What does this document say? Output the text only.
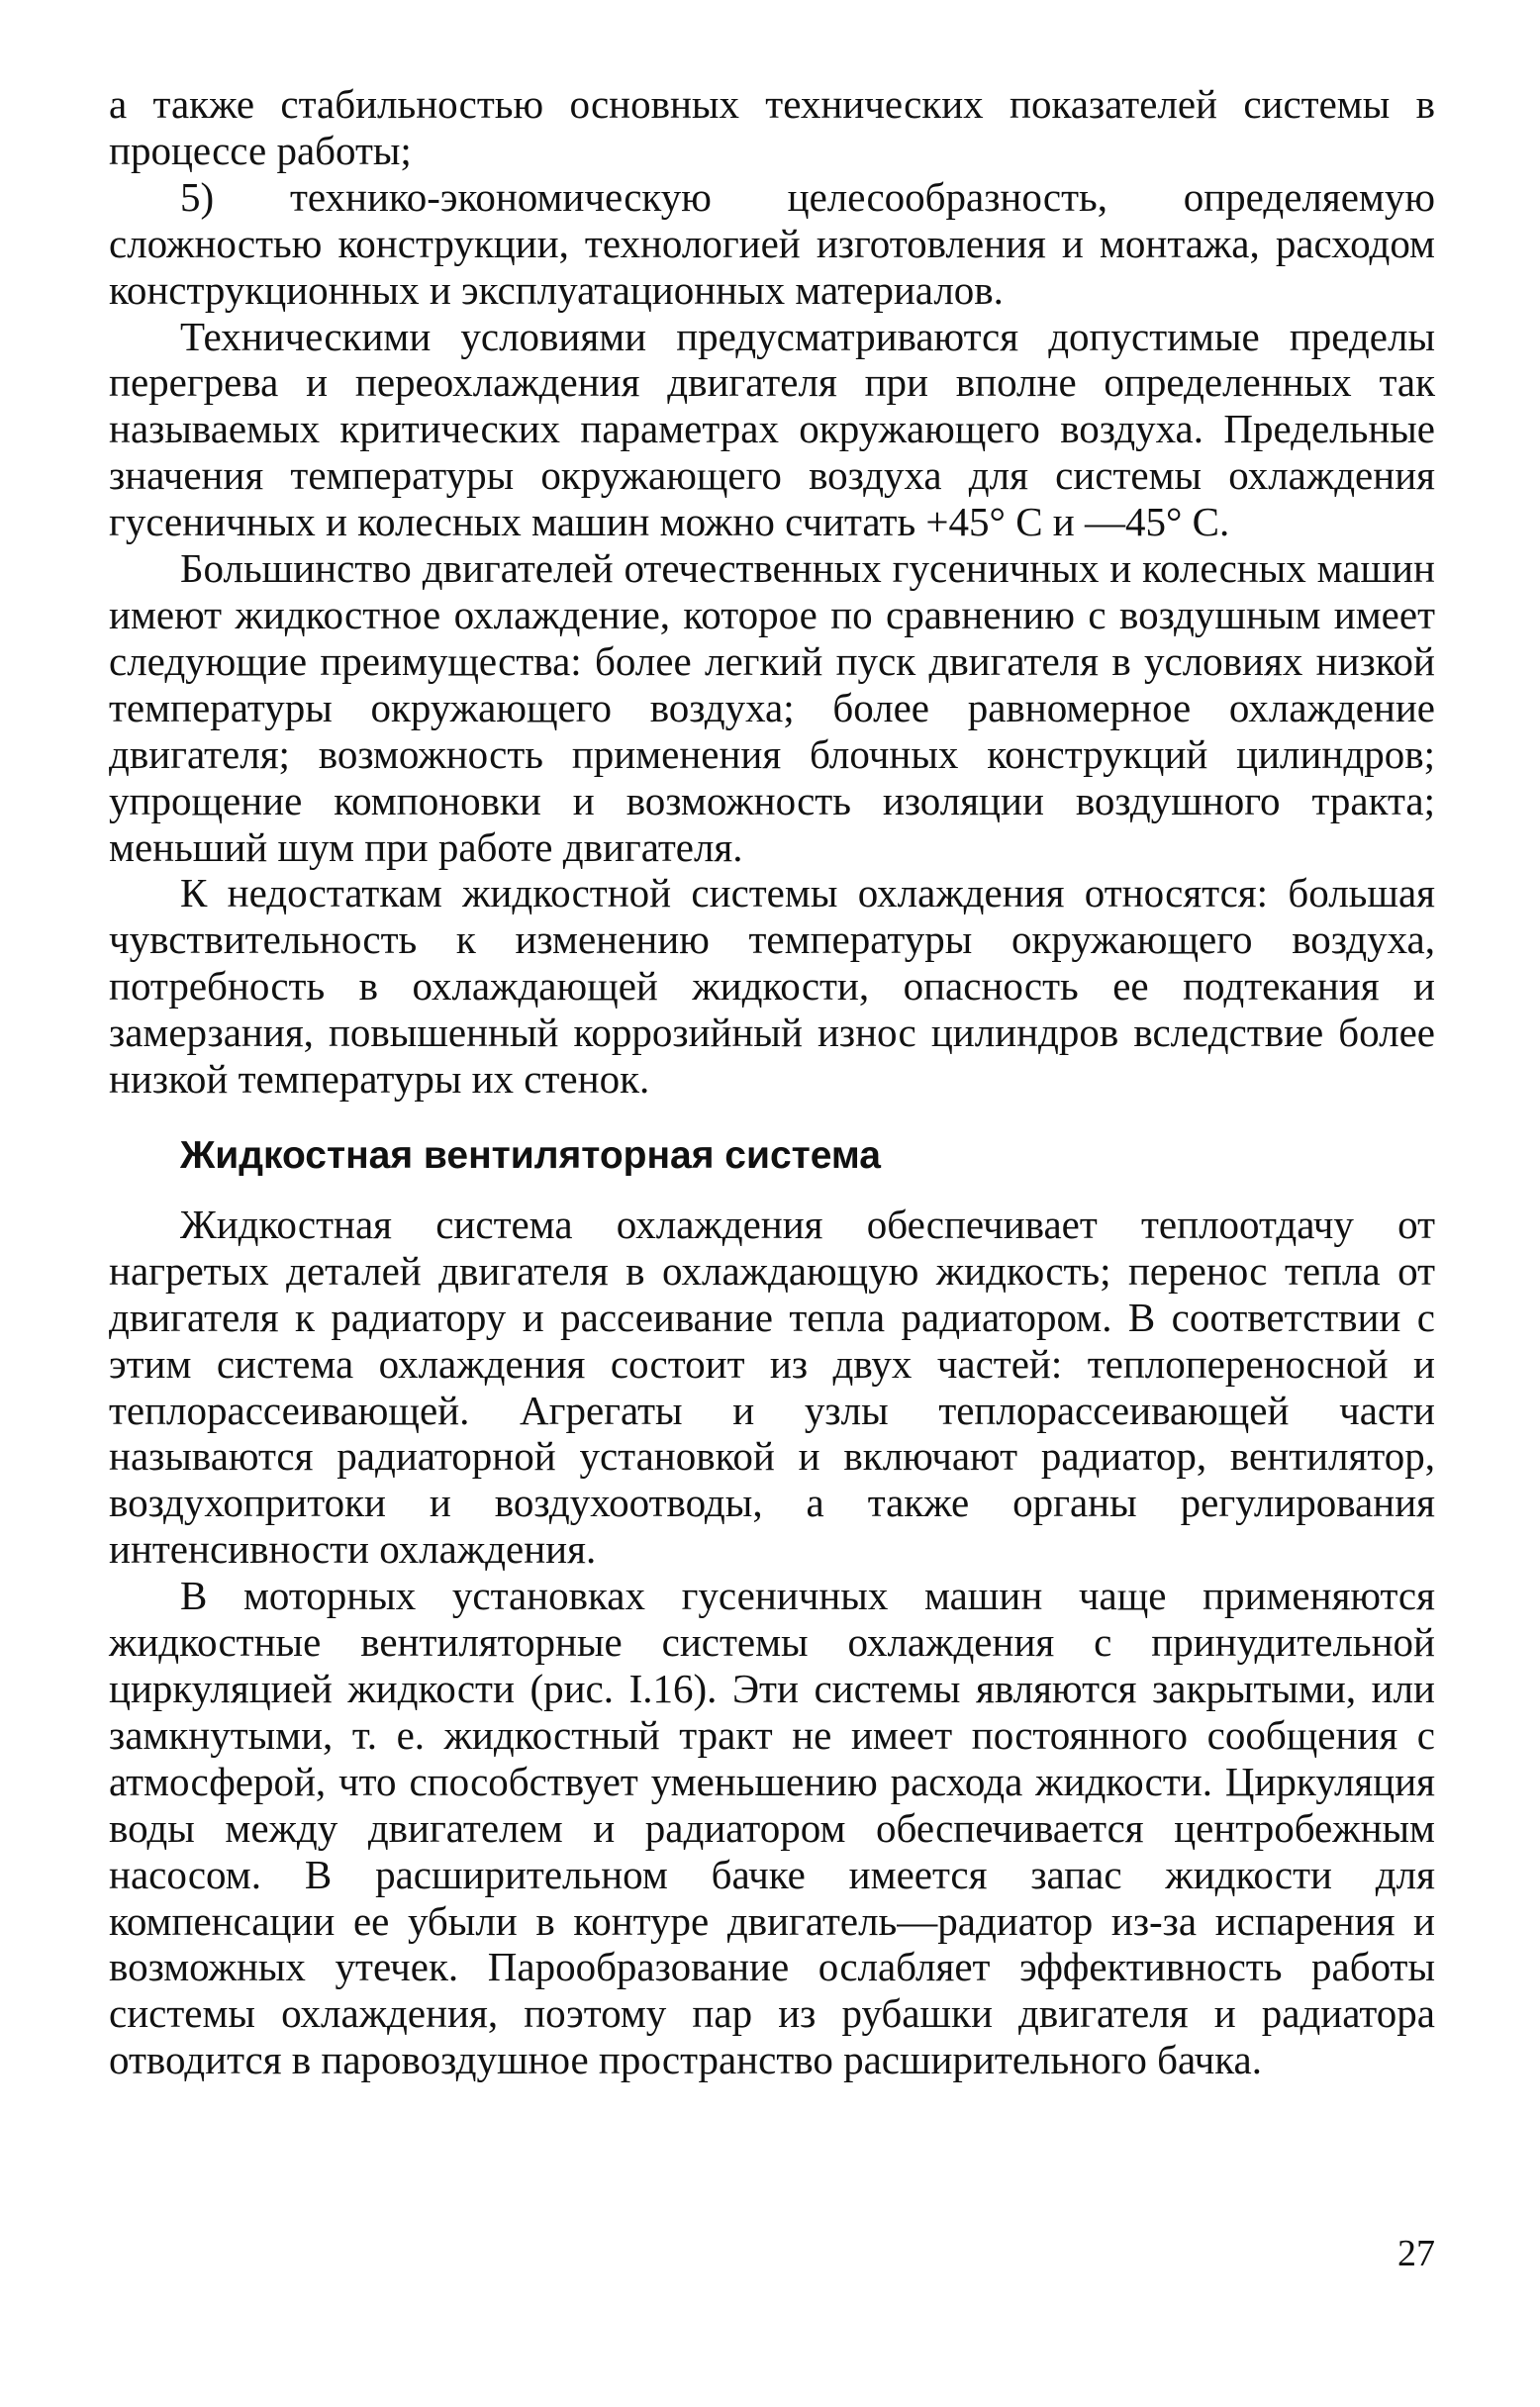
а также стабильностью основных технических показателей системы в процессе работы;

5) технико-экономическую целесообразность, определяемую сложностью конструкции, технологией изготовления и монтажа, расходом конструкционных и эксплуатационных материалов.

Техническими условиями предусматриваются допустимые пределы перегрева и переохлаждения двигателя при вполне определенных так называемых критических параметрах окружающего воздуха. Предельные значения температуры окружающего воздуха для системы охлаждения гусеничных и колесных машин можно считать +45° С и —45° С.

Большинство двигателей отечественных гусеничных и колесных машин имеют жидкостное охлаждение, которое по сравнению с воздушным имеет следующие преимущества: более легкий пуск двигателя в условиях низкой температуры окружающего воздуха; более равномерное охлаждение двигателя; возможность применения блочных конструкций цилиндров; упрощение компоновки и возможность изоляции воздушного тракта; меньший шум при работе двигателя.

К недостаткам жидкостной системы охлаждения относятся: большая чувствительность к изменению температуры окружающего воздуха, потребность в охлаждающей жидкости, опасность ее подтекания и замерзания, повышенный коррозийный износ цилиндров вследствие более низкой температуры их стенок.

Жидкостная вентиляторная система

Жидкостная система охлаждения обеспечивает теплоотдачу от нагретых деталей двигателя в охлаждающую жидкость; перенос тепла от двигателя к радиатору и рассеивание тепла радиатором. В соответствии с этим система охлаждения состоит из двух частей: теплопереносной и теплорассеивающей. Агрегаты и узлы теплорассеивающей части называются радиаторной установкой и включают радиатор, вентилятор, воздухопритоки и воздухоотводы, а также органы регулирования интенсивности охлаждения.

В моторных установках гусеничных машин чаще применяются жидкостные вентиляторные системы охлаждения с принудительной циркуляцией жидкости (рис. I.16). Эти системы являются закрытыми, или замкнутыми, т. е. жидкостный тракт не имеет постоянного сообщения с атмосферой, что способствует уменьшению расхода жидкости. Циркуляция воды между двигателем и радиатором обеспечивается центробежным насосом. В расширительном бачке имеется запас жидкости для компенсации ее убыли в контуре двигатель—радиатор из-за испарения и возможных утечек. Парообразование ослабляет эффективность работы системы охлаждения, поэтому пар из рубашки двигателя и радиатора отводится в паровоздушное пространство расширительного бачка.

27
